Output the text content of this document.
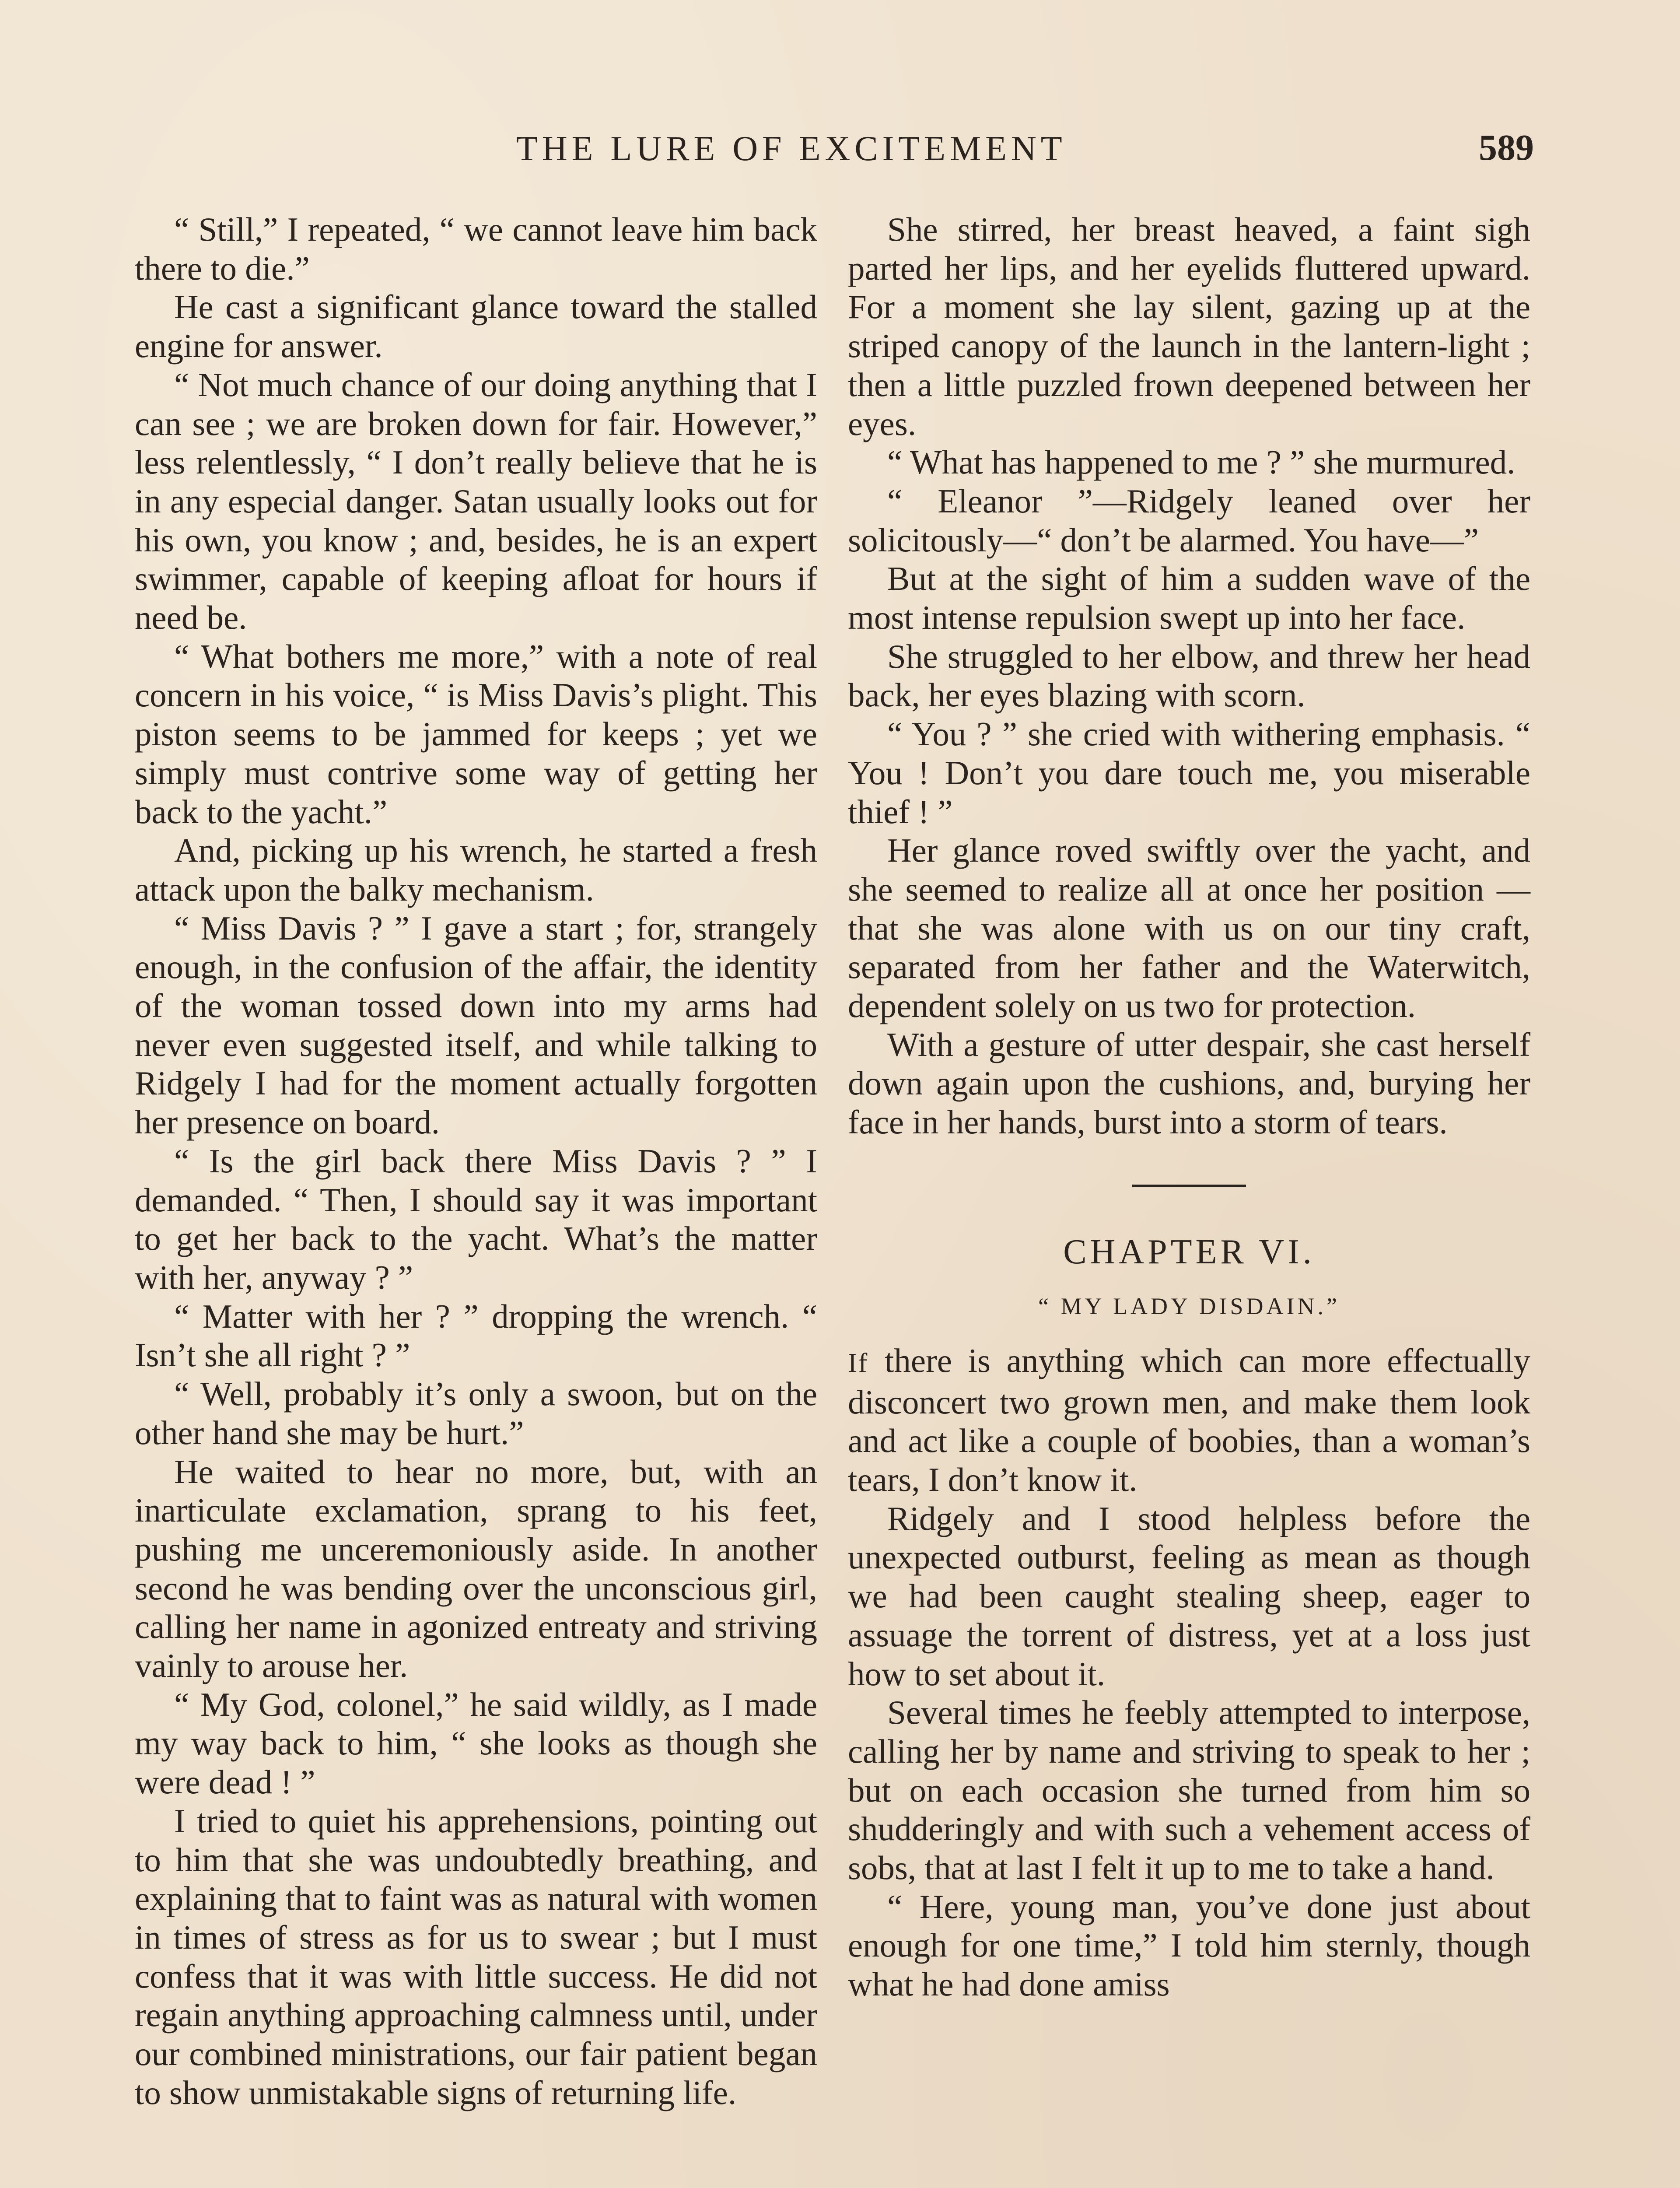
THE LURE OF EXCITEMENT	589

“ Still,” I repeated, “ we cannot leave him back there to die.”

He cast a significant glance toward the stalled engine for answer.

“ Not much chance of our doing anything that I can see ; we are broken down for fair. However,” less relentlessly, “ I don’t really believe that he is in any especial danger. Satan usually looks out for his own, you know ; and, besides, he is an expert swimmer, capable of keeping afloat for hours if need be.

“ What bothers me more,” with a note of real concern in his voice, “ is Miss Davis’s plight. This piston seems to be jammed for keeps ; yet we simply must contrive some way of getting her back to the yacht.”

And, picking up his wrench, he started a fresh attack upon the balky mechanism.

“ Miss Davis ? ” I gave a start ; for, strangely enough, in the confusion of the affair, the identity of the woman tossed down into my arms had never even suggested itself, and while talking to Ridgely I had for the moment actually forgotten her presence on board.

“ Is the girl back there Miss Davis ? ” I demanded. “ Then, I should say it was important to get her back to the yacht. What’s the matter with her, anyway ? ”

“ Matter with her ? ” dropping the wrench. “ Isn’t she all right ? ”

“ Well, probably it’s only a swoon, but on the other hand she may be hurt.”

He waited to hear no more, but, with an inarticulate exclamation, sprang to his feet, pushing me unceremoniously aside. In another second he was bending over the unconscious girl, calling her name in agonized entreaty and striving vainly to arouse her.

“ My God, colonel,” he said wildly, as I made my way back to him, “ she looks as though she were dead ! ”

I tried to quiet his apprehensions, pointing out to him that she was undoubtedly breathing, and explaining that to faint was as natural with women in times of stress as for us to swear ; but I must confess that it was with little success. He did not regain anything approaching calmness until, under our combined ministrations, our fair patient began to show unmistakable signs of returning life.

She stirred, her breast heaved, a faint sigh parted her lips, and her eyelids fluttered upward. For a moment she lay silent, gazing up at the striped canopy of the launch in the lantern-light ; then a little puzzled frown deepened between her eyes.

“ What has happened to me ? ” she murmured.

“ Eleanor ”—Ridgely leaned over her solicitously—“ don’t be alarmed. You have—”

But at the sight of him a sudden wave of the most intense repulsion swept up into her face.

She struggled to her elbow, and threw her head back, her eyes blazing with scorn.

“ You ? ” she cried with withering emphasis. “ You ! Don’t you dare touch me, you miserable thief ! ”

Her glance roved swiftly over the yacht, and she seemed to realize all at once her position — that she was alone with us on our tiny craft, separated from her father and the Waterwitch, dependent solely on us two for protection.

With a gesture of utter despair, she cast herself down again upon the cushions, and, burying her face in her hands, burst into a storm of tears.

CHAPTER VI.
“ MY LADY DISDAIN.”

If there is anything which can more effectually disconcert two grown men, and make them look and act like a couple of boobies, than a woman’s tears, I don’t know it.

Ridgely and I stood helpless before the unexpected outburst, feeling as mean as though we had been caught stealing sheep, eager to assuage the torrent of distress, yet at a loss just how to set about it.

Several times he feebly attempted to interpose, calling her by name and striving to speak to her ; but on each occasion she turned from him so shudderingly and with such a vehement access of sobs, that at last I felt it up to me to take a hand.

“ Here, young man, you’ve done just about enough for one time,” I told him sternly, though what he had done amiss
